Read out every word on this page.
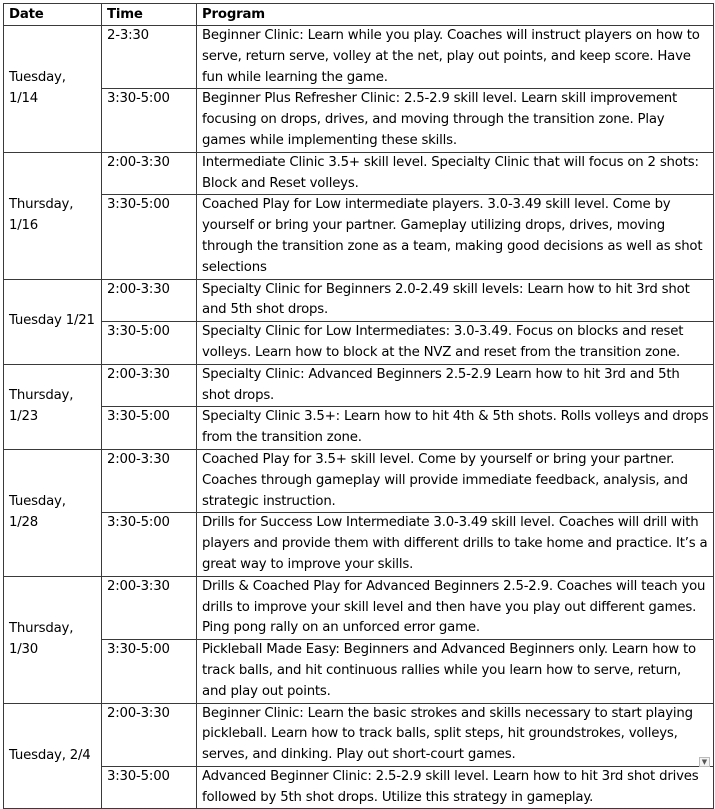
Date	Time	Program
Tuesday, 1/14	2-3:30	Beginner Clinic: Learn while you play. Coaches will instruct players on how to serve, return serve, volley at the net, play out points, and keep score. Have fun while learning the game.
	3:30-5:00	Beginner Plus Refresher Clinic: 2.5-2.9 skill level. Learn skill improvement focusing on drops, drives, and moving through the transition zone. Play games while implementing these skills.
Thursday, 1/16	2:00-3:30	Intermediate Clinic 3.5+ skill level. Specialty Clinic that will focus on 2 shots: Block and Reset volleys.
	3:30-5:00	Coached Play for Low intermediate players. 3.0-3.49 skill level. Come by yourself or bring your partner. Gameplay utilizing drops, drives, moving through the transition zone as a team, making good decisions as well as shot selections
Tuesday 1/21	2:00-3:30	Specialty Clinic for Beginners 2.0-2.49 skill levels: Learn how to hit 3rd shot and 5th shot drops.
	3:30-5:00	Specialty Clinic for Low Intermediates: 3.0-3.49. Focus on blocks and reset volleys. Learn how to block at the NVZ and reset from the transition zone.
Thursday, 1/23	2:00-3:30	Specialty Clinic: Advanced Beginners 2.5-2.9 Learn how to hit 3rd and 5th shot drops.
	3:30-5:00	Specialty Clinic 3.5+: Learn how to hit 4th & 5th shots. Rolls volleys and drops from the transition zone.
Tuesday, 1/28	2:00-3:30	Coached Play for 3.5+ skill level. Come by yourself or bring your partner. Coaches through gameplay will provide immediate feedback, analysis, and strategic instruction.
	3:30-5:00	Drills for Success Low Intermediate 3.0-3.49 skill level. Coaches will drill with players and provide them with different drills to take home and practice. It’s a great way to improve your skills.
Thursday, 1/30	2:00-3:30	Drills & Coached Play for Advanced Beginners 2.5-2.9. Coaches will teach you drills to improve your skill level and then have you play out different games. Ping pong rally on an unforced error game.
	3:30-5:00	Pickleball Made Easy: Beginners and Advanced Beginners only. Learn how to track balls, and hit continuous rallies while you learn how to serve, return, and play out points.
Tuesday, 2/4	2:00-3:30	Beginner Clinic: Learn the basic strokes and skills necessary to start playing pickleball. Learn how to track balls, split steps, hit groundstrokes, volleys, serves, and dinking. Play out short-court games.
	3:30-5:00	Advanced Beginner Clinic: 2.5-2.9 skill level. Learn how to hit 3rd shot drives followed by 5th shot drops. Utilize this strategy in gameplay.
▼
